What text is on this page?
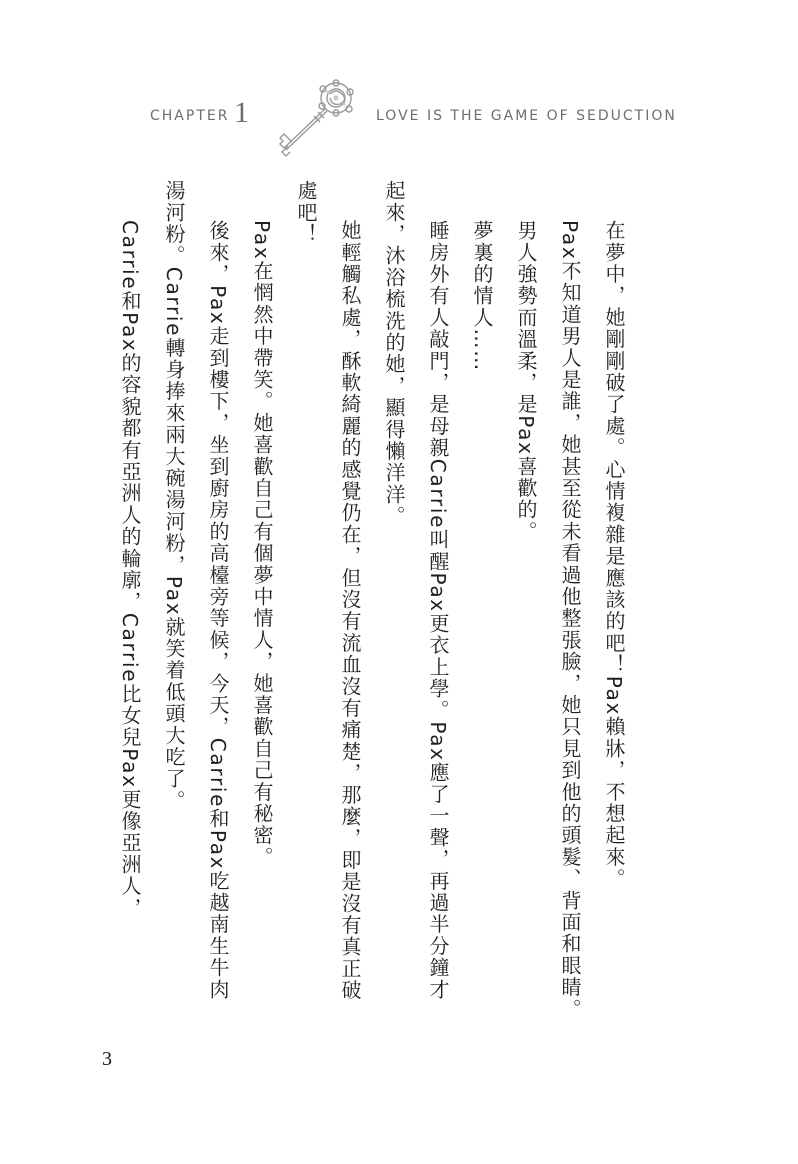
CHAPTER 1	LOVE IS THE GAME OF SEDUCTION

在夢中，她剛剛破了處。心情複雜是應該的吧！Pax賴牀，不想起來。

Pax不知道男人是誰，她甚至從未看過他整張臉，她只見到他的頭髮、背面和眼睛。

男人強勢而溫柔，是Pax喜歡的。

夢裏的情人……

睡房外有人敲門，是母親Carrie叫醒Pax更衣上學。Pax應了一聲，再過半分鐘才起來，沐浴梳洗的她，顯得懶洋洋。

她輕觸私處，酥軟綺麗的感覺仍在，但沒有流血沒有痛楚，那麼，即是沒有真正破處吧！

Pax在惘然中帶笑。她喜歡自己有個夢中情人，她喜歡自己有秘密。

後來，Pax走到樓下，坐到廚房的高檯旁等候，今天，Carrie和Pax吃越南生牛肉湯河粉。Carrie轉身捧來兩大碗湯河粉，Pax就笑着低頭大吃了。

Carrie和Pax的容貌都有亞洲人的輪廓，Carrie比女兒Pax更像亞洲人，

3
